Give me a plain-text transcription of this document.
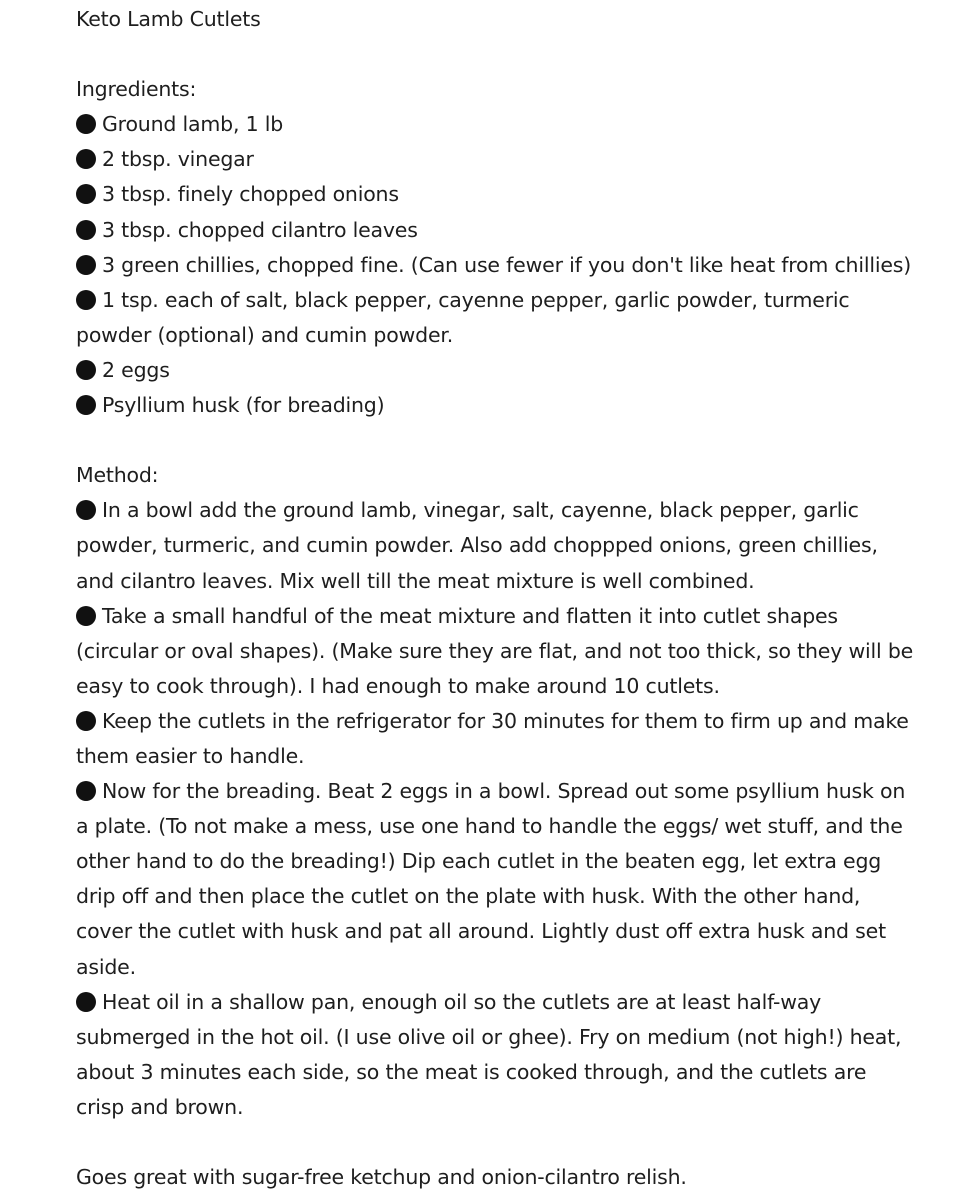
Keto Lamb Cutlets

Ingredients:

Ground lamb, 1 lb

2 tbsp. vinegar

3 tbsp. finely chopped onions

3 tbsp. chopped cilantro leaves

3 green chillies, chopped fine. (Can use fewer if you don't like heat from chillies)

1 tsp. each of salt, black pepper, cayenne pepper, garlic powder, turmeric powder (optional) and cumin powder.

2 eggs

Psyllium husk (for breading)

Method:

In a bowl add the ground lamb, vinegar, salt, cayenne, black pepper, garlic powder, turmeric, and cumin powder. Also add choppped onions, green chillies, and cilantro leaves. Mix well till the meat mixture is well combined.

Take a small handful of the meat mixture and flatten it into cutlet shapes (circular or oval shapes). (Make sure they are flat, and not too thick, so they will be easy to cook through). I had enough to make around 10 cutlets.

Keep the cutlets in the refrigerator for 30 minutes for them to firm up and make them easier to handle.

Now for the breading. Beat 2 eggs in a bowl. Spread out some psyllium husk on a plate. (To not make a mess, use one hand to handle the eggs/ wet stuff, and the other hand to do the breading!) Dip each cutlet in the beaten egg, let extra egg drip off and then place the cutlet on the plate with husk. With the other hand, cover the cutlet with husk and pat all around. Lightly dust off extra husk and set aside.

Heat oil in a shallow pan, enough oil so the cutlets are at least half-way submerged in the hot oil. (I use olive oil or ghee). Fry on medium (not high!) heat, about 3 minutes each side, so the meat is cooked through, and the cutlets are crisp and brown.

Goes great with sugar-free ketchup and onion-cilantro relish.
